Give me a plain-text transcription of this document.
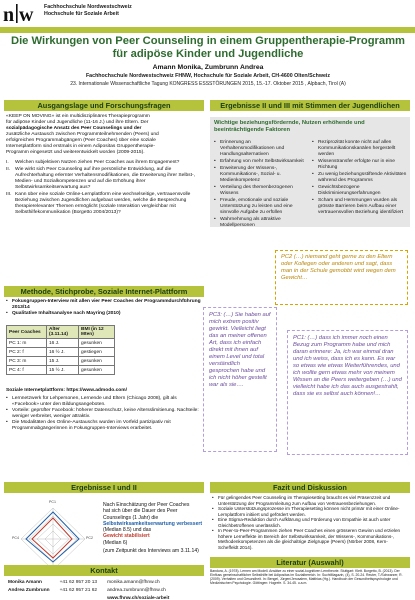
n w Fachhochschule Nordwestschweiz
Hochschule für Soziale Arbeit
Die Wirkungen von Peer Counseling in einem Gruppentherapie-Programm für adipöse Kinder und Jugendliche
Amann Monika, Zumbrunn Andrea
Fachhochschule Nordwestschweiz FHNW, Hochschule für Soziale Arbeit, CH-4600 Olten/Schweiz
23. Internationale Wissenschaftliche Tagung KONGRESS ESSSTÖRUNGEN 2015, 15.-17. Oktober 2015 , Alpbach, Tirol (A)
Ausgangslage und Forschungsfragen
«KEEP ON MOVING» ist ein multidisziplinäres Therapieprogramm
für adipöse Kinder und Jugendliche (11-16 J.) und ihre Eltern. Der
sozialpädagogische Ansatz des Peer Counselings und der
zusätzliche Austausch zwischen Programmteilnehmenden (Peers) und
erfolgreichen Programmabgängern (Peer Coaches) über eine soziale
Internetplattform sind erstmals in einem Adipositas Gruppentherapie-
Programm eingesetzt und weiterentwickelt worden (2009-2015).
I.	Welchen subjektiven Nutzen ziehen Peer Coaches aus ihrem Engagement?
II.	Wie wirkt sich Peer Counseling auf ihre persönliche Entwicklung, auf die Aufrechterhaltung erlernter Verhaltensmodifikationen, die Erweiterung ihrer Selbst-, Medien- und Sozialkompetenzen und auf die Erhöhung ihrer Selbstwirksamkeitserwartung aus?
III. Kann über eine soziale Online-Lernplattform eine wechselseitige, vertrauensvolle Beziehung zwischen Jugendlichen aufgebaut werden, welche die Besprechung therapierelevanter Themen ermöglicht (soziale Interaktion vergleichbar mit Selbsthilfekommunikation (Borgetto 2004/2013)?
Methode, Stichprobe, Soziale Internet-Plattform
• Fokusgruppen-Interview mit allen vier Peer Coaches der Programmdurchführung 2013/14
• Qualitative Inhaltsanalyse nach Mayring (2010)
Peer Coaches	Alter (3.11.14)	BMI (in 12 Mten)
PC 1: m	16 J.	gesunken
PC 2: f	16 ½ J.	gestiegen
PC 3: m	15 J.	gesunken
PC 4: f	15 ½ J.	gesunken
Soziale Internetplattform: https://www.admodo.com/
• Lernnetzwerk für Lehpersonen, Lernende und Eltern (Chicago 2008), gilt als «Facebook» unter den Bildungsangeboten.
• Vorteile: geprüfter Facebook: höherer Datenschutz, keine Altersslimitierung. Nachteile: weniger verbreitet, weniger attraktiv.
• Die Modalitäten des Online-Austauschs wurden im Vorfeld partizipativ mit Programmabgängerinnen in Fokusgruppen-Interviews erarbeitet.
Ergebnisse I und II
PC1
PC2
PC4
Nach Einschätzung der Peer Coaches
hat sich über die Dauer des Peer
Counselings (1 Jahr) die
Selbstwirksamkeitserwartung verbessert
(Median 8.5) und das
Gewicht stabilisiert
(Median 6)
(zum Zeitpunkt des Interviews am 3.11.14)
Kontakt
Monika Amann	+41 62 957 20 13	monika.amann@fhnw.ch
Andrea Zumbrunn	+41 62 957 21 62	andrea.zumbrunn@fhnw.ch
		www.fhnw.ch/soziale-arbeit
Ergebnisse II und III mit Stimmen der Jugendlichen
Wichtige beziehungsfördernde, Nutzen erhöhende und beeinträchtigende Faktoren
• Erinnerung an Verhaltensmodifikationen und Handlungsalternativen
• Erfahrung von mehr Selbstwirksamkeit
• Erweiterung der Wissens-, Kommunikations-, Sozial- u. Medienkompetenz
• Verteilung des themenbezogenen Wissens
• Freude, emotionale und soziale Unterstützung zu leisten und eine sinnvolle Aufgabe zu erfüllen
• Wahrnehmung als attraktive Modellpersonen
• Reziprozität konnte nicht auf allen Kommunikationskanälen hergestellt werden
• Wissenstransfer erfolgte nur in eine Richtung
• Zu wenig beziehungsstiftende Aktivitäten während des Programms
• Gewichtsbezogene Diskriminierungserfahrungen
• Scham und Hemmungen wurden als grösste Barrieren beim Aufbau einer vertrauensvollen Beziehung identifiziert
PC2 (…) niemand geht gerne zu den Eltern oder Kollegen oder anderen und sagt, dass man in der Schule gemobbt wird wegen dem Gewicht…
PC3: (…) Sie haben auf mich extrem positiv gewirkt. Vielleicht liegt das an meiner offenen Art, dass ich einfach direkt mit ihnen auf einem Level und total verständlich gesprochen habe und ich nicht höher gestellt war als sie….
PC1: (…) dass ich immer noch einen Bezug zum Programm habe und mich daran erinnere: Ja, ich war einmal dran und ich weiss, dass ich es kann. Es war so etwas wie etwas Weiterführendes, und ich wollte gern etwas mehr von meinem Wissen an die Peers weitergeben (…) und vielleicht habe ich das auch ausgestrahlt, dass sie es selbst auch können!…
Fazit und Diskussion
• Für gelingendes Peer Counseling im Therapiesetting braucht es viel Präsenzzeit und Unterstützung der Programmleitung zum Aufbau von Vertrauensbeziehungen.
• Soziale Unterstützungsprozesse im Therapiesetting können nicht primär mit einer Online-Lernplattform initiiert und gefördert werden.
• Eine Stigma-Reduktion durch Aufklärung und Förderung von Empathie ist auch unter Gleichbetroffenen unerlässlich.
• In Peer-to-Peer-Programmen ziehen Peer Coaches einen grösseren Gewinn und erzielen höhere Lerneffekte im Bereich der Selbstwirksamkeit, der Wissens-, Kommunikations-, Methodenkompetenzen als die gleichaltrige Zielgruppe (Peers) (Nörber 2008, Kern-Scheffeldt 2014).
Literatur (Auswahl)
Bandura, A. (1978). Lernen am Modell. Ansätze zu einer sozial-kognitiven Lerntheorie. Stuttgart: Klett. Borgetto, B. (2013). Der Einfluss gemeinschaftlicher Selbsthilfe bei Adipositas im Sozialbereich. In: SuchtMagazin, (4), S. 20-24. Reuter, T./Schwarzer, R. (2009). Verhalten und Gesundheit. In: Bengel, Jürgen/Jerusalem, Matthias (Hg.). Handbuch der Gesundheitspsychologie und Medizinischen Psychologie. Göttingen: Hogrefe. S. 34-45. u.a.m.
